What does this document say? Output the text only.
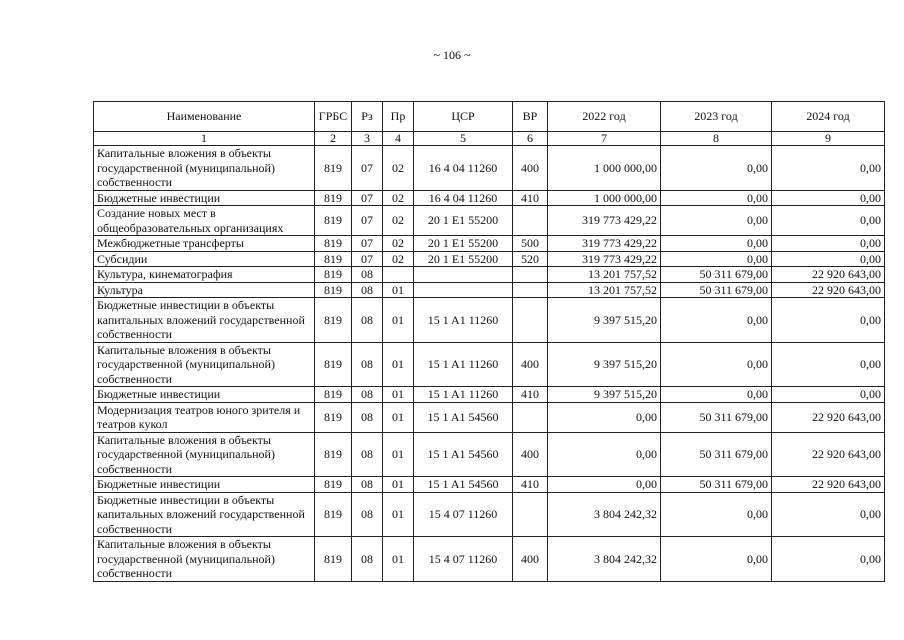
~ 106 ~
Наименование	ГРБС	Рз	Пр	ЦСР	ВР	2022 год	2023 год	2024 год
1	2	3	4	5	6	7	8	9
Капитальные вложения в объекты государственной (муниципальной) собственности	819	07	02	16 4 04 11260	400	1 000 000,00	0,00	0,00
Бюджетные инвестиции	819	07	02	16 4 04 11260	410	1 000 000,00	0,00	0,00
Создание новых мест в общеобразовательных организациях	819	07	02	20 1 E1 55200		319 773 429,22	0,00	0,00
Межбюджетные трансферты	819	07	02	20 1 E1 55200	500	319 773 429,22	0,00	0,00
Субсидии	819	07	02	20 1 E1 55200	520	319 773 429,22	0,00	0,00
Культура, кинематография	819	08				13 201 757,52	50 311 679,00	22 920 643,00
Культура	819	08	01			13 201 757,52	50 311 679,00	22 920 643,00
Бюджетные инвестиции в объекты капитальных вложений государственной собственности	819	08	01	15 1 A1 11260		9 397 515,20	0,00	0,00
Капитальные вложения в объекты государственной (муниципальной) собственности	819	08	01	15 1 A1 11260	400	9 397 515,20	0,00	0,00
Бюджетные инвестиции	819	08	01	15 1 A1 11260	410	9 397 515,20	0,00	0,00
Модернизация театров юного зрителя и театров кукол	819	08	01	15 1 A1 54560		0,00	50 311 679,00	22 920 643,00
Капитальные вложения в объекты государственной (муниципальной) собственности	819	08	01	15 1 A1 54560	400	0,00	50 311 679,00	22 920 643,00
Бюджетные инвестиции	819	08	01	15 1 A1 54560	410	0,00	50 311 679,00	22 920 643,00
Бюджетные инвестиции в объекты капитальных вложений государственной собственности	819	08	01	15 4 07 11260		3 804 242,32	0,00	0,00
Капитальные вложения в объекты государственной (муниципальной) собственности	819	08	01	15 4 07 11260	400	3 804 242,32	0,00	0,00
